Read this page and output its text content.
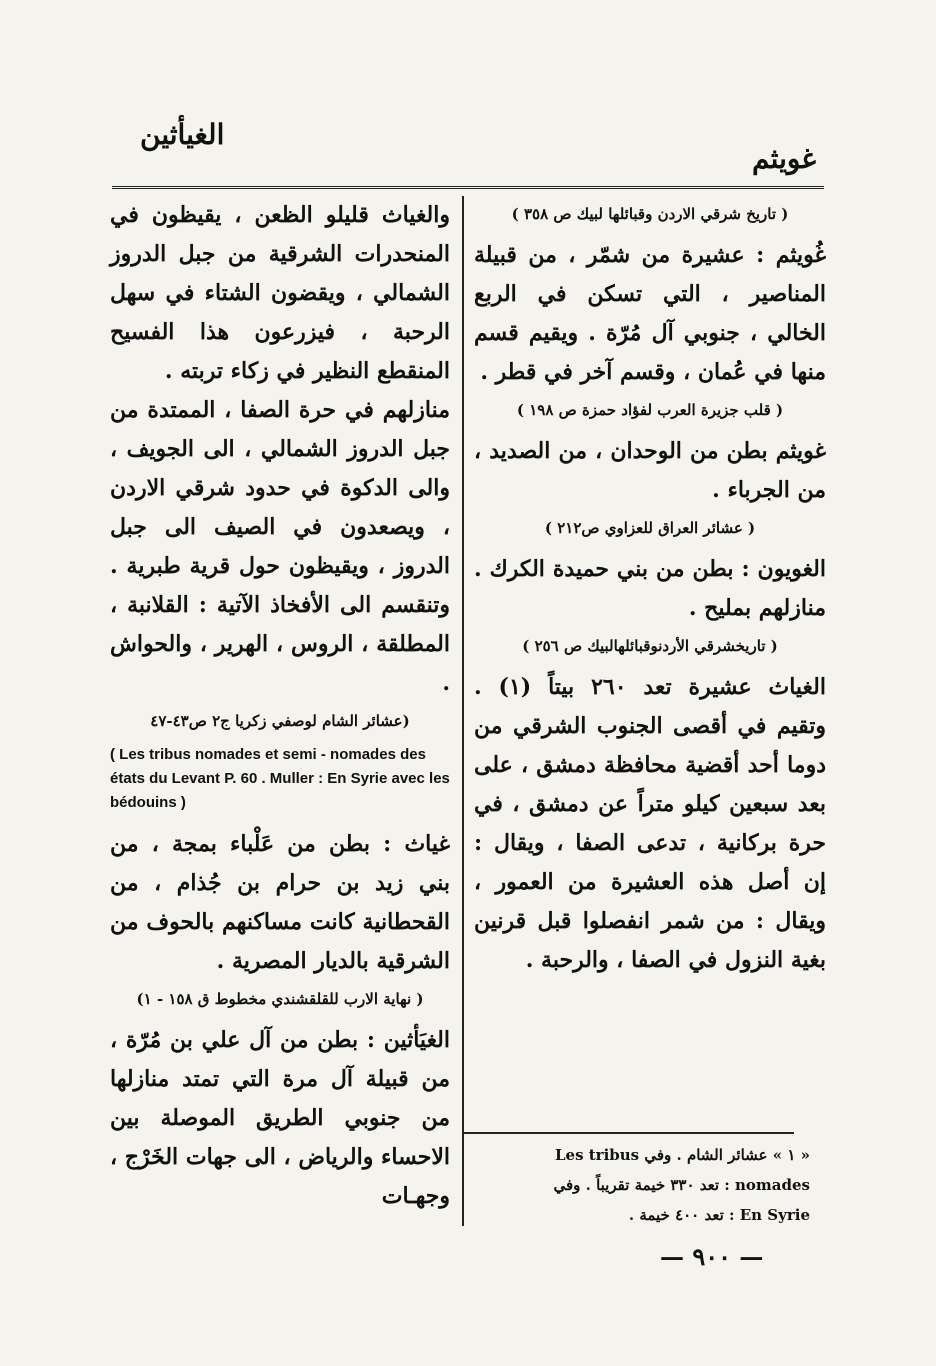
غويثم
الغيأثين
( تاريخ شرقي الاردن وقبائلها لبيك ص ٣٥٨ )

غُويثم : عشيرة من شمّر ، من قبيلة المناصير ، التي تسكن في الربع الخالي ، جنوبي آل مُرّة . ويقيم قسم منها في عُمان ، وقسم آخر في قطر .

( قلب جزيرة العرب لفؤاد حمزة ص ١٩٨ )

غويثم بطن من الوحدان ، من الصديد ، من الجرباء .

( عشائر العراق للعزاوي ص٢١٢ )

الغويون : بطن من بني حميدة الكرك . منازلهم بمليح .

( تاريخشرقي الأردنوقبائلهالبيك ص ٢٥٦ )

الغياث عشيرة تعد ٢٦٠ بيتاً (١) . وتقيم في أقصى الجنوب الشرقي من دوما أحد أقضية محافظة دمشق ، على بعد سبعين كيلو متراً عن دمشق ، في حرة بركانية ، تدعى الصفا ، ويقال : إن أصل هذه العشيرة من العمور ، ويقال : من شمر انفصلوا قبل قرنين بغية النزول في الصفا ، والرحبة .

والغياث قليلو الظعن ، يقيظون في المنحدرات الشرقية من جبل الدروز الشمالي ، ويقضون الشتاء في سهل الرحبة ، فيزرعون هذا الفسيح المنقطع النظير في زكاء تربته .

منازلهم في حرة الصفا ، الممتدة من جبل الدروز الشمالي ، الى الجويف ، والى الدكوة في حدود شرقي الاردن ، ويصعدون في الصيف الى جبل الدروز ، ويقيظون حول قرية طبرية . وتنقسم الى الأفخاذ الآتية : القلانبة ، المطلقة ، الروس ، الهرير ، والحواش .

(عشائر الشام لوصفي زكريا ج٢ ص٤٣-٤٧
( Les tribus nomades et semi - nomades des états du Levant P. 60 . Muller : En Syrie avec les bédouins )

غياث : بطن من عَلْباء بمجة ، من بني زيد بن حرام بن جُذام ، من القحطانية كانت مساكنهم بالحوف من الشرقية بالديار المصرية .

( نهاية الارب للقلقشندي مخطوط ق ١٥٨ - ١)

الغيَأثين : بطن من آل علي بن مُرّة ، من قبيلة آل مرة التي تمتد منازلها من جنوبي الطريق الموصلة بين الاحساء والرياض ، الى جهات الخَرْج ، وجهـات

« ١ » عشائر الشام . وفي Les tribus
nomades : تعد ٣٣٠ خيمة تقريباً . وفي
En Syrie : تعد ٤٠٠ خيمة .
— ٩٠٠ —
